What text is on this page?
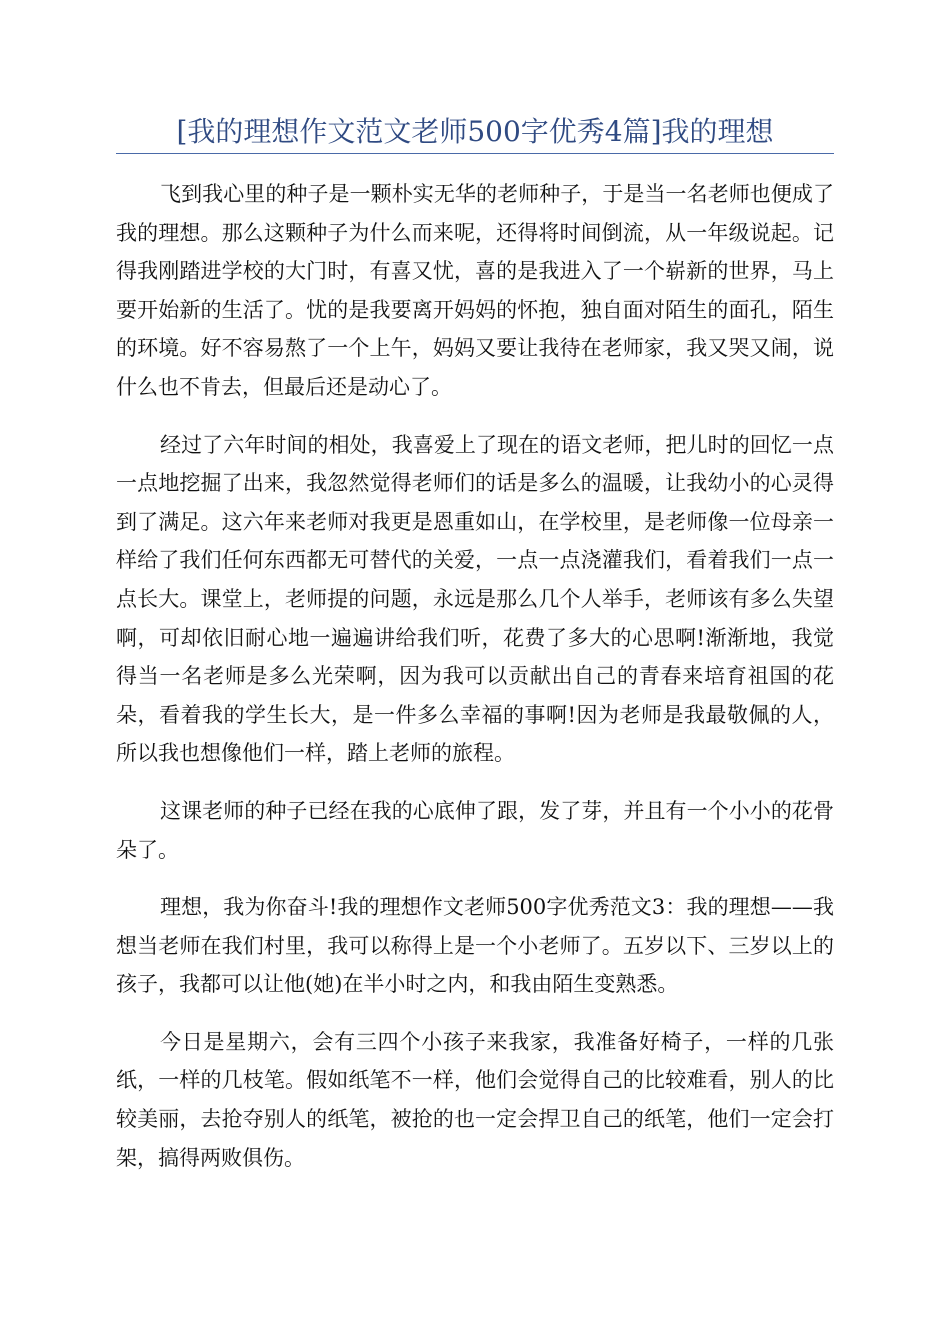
[我的理想作文范文老师500字优秀4篇]我的理想

飞到我心里的种子是一颗朴实无华的老师种子，于是当一名老师也便成了我的理想。那么这颗种子为什么而来呢，还得将时间倒流，从一年级说起。记得我刚踏进学校的大门时，有喜又忧，喜的是我进入了一个崭新的世界，马上要开始新的生活了。忧的是我要离开妈妈的怀抱，独自面对陌生的面孔，陌生的环境。好不容易熬了一个上午，妈妈又要让我待在老师家，我又哭又闹，说什么也不肯去，但最后还是动心了。

经过了六年时间的相处，我喜爱上了现在的语文老师，把儿时的回忆一点一点地挖掘了出来，我忽然觉得老师们的话是多么的温暖，让我幼小的心灵得到了满足。这六年来老师对我更是恩重如山，在学校里，是老师像一位母亲一样给了我们任何东西都无可替代的关爱，一点一点浇灌我们，看着我们一点一点长大。课堂上，老师提的问题，永远是那么几个人举手，老师该有多么失望啊，可却依旧耐心地一遍遍讲给我们听，花费了多大的心思啊!渐渐地，我觉得当一名老师是多么光荣啊，因为我可以贡献出自己的青春来培育祖国的花朵，看着我的学生长大，是一件多么幸福的事啊!因为老师是我最敬佩的人，所以我也想像他们一样，踏上老师的旅程。

这课老师的种子已经在我的心底伸了跟，发了芽，并且有一个小小的花骨朵了。

理想，我为你奋斗!我的理想作文老师500字优秀范文3：我的理想——我想当老师在我们村里，我可以称得上是一个小老师了。五岁以下、三岁以上的孩子，我都可以让他(她)在半小时之内，和我由陌生变熟悉。

今日是星期六，会有三四个小孩子来我家，我准备好椅子，一样的几张纸，一样的几枝笔。假如纸笔不一样，他们会觉得自己的比较难看，别人的比较美丽，去抢夺别人的纸笔，被抢的也一定会捍卫自己的纸笔，他们一定会打架，搞得两败俱伤。
